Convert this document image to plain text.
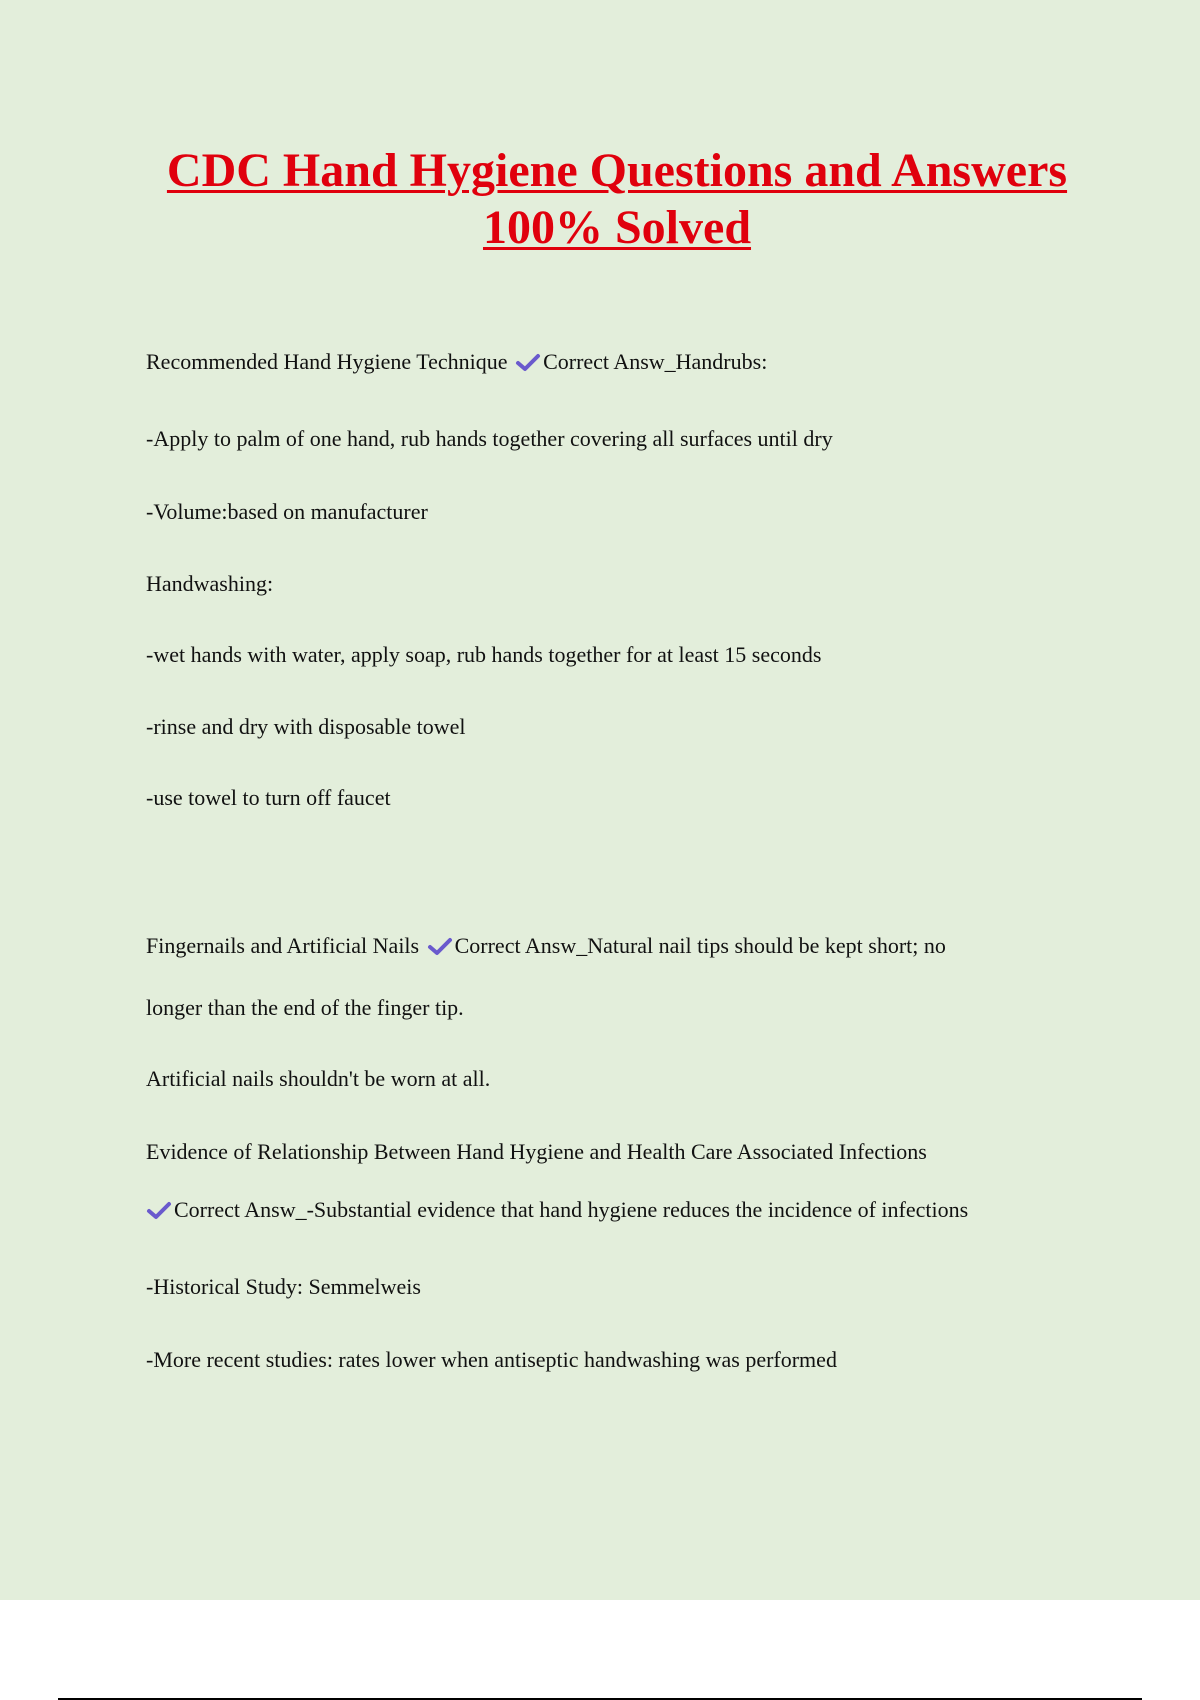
CDC Hand Hygiene Questions and Answers
100% Solved
Recommended Hand Hygiene Technique Correct Answ_Handrubs:
-Apply to palm of one hand, rub hands together covering all surfaces until dry
-Volume:based on manufacturer
Handwashing:
-wet hands with water, apply soap, rub hands together for at least 15 seconds
-rinse and dry with disposable towel
-use towel to turn off faucet
Fingernails and Artificial Nails Correct Answ_Natural nail tips should be kept short; no
longer than the end of the finger tip.
Artificial nails shouldn't be worn at all.
Evidence of Relationship Between Hand Hygiene and Health Care Associated Infections
Correct Answ_-Substantial evidence that hand hygiene reduces the incidence of infections
-Historical Study: Semmelweis
-More recent studies: rates lower when antiseptic handwashing was performed
